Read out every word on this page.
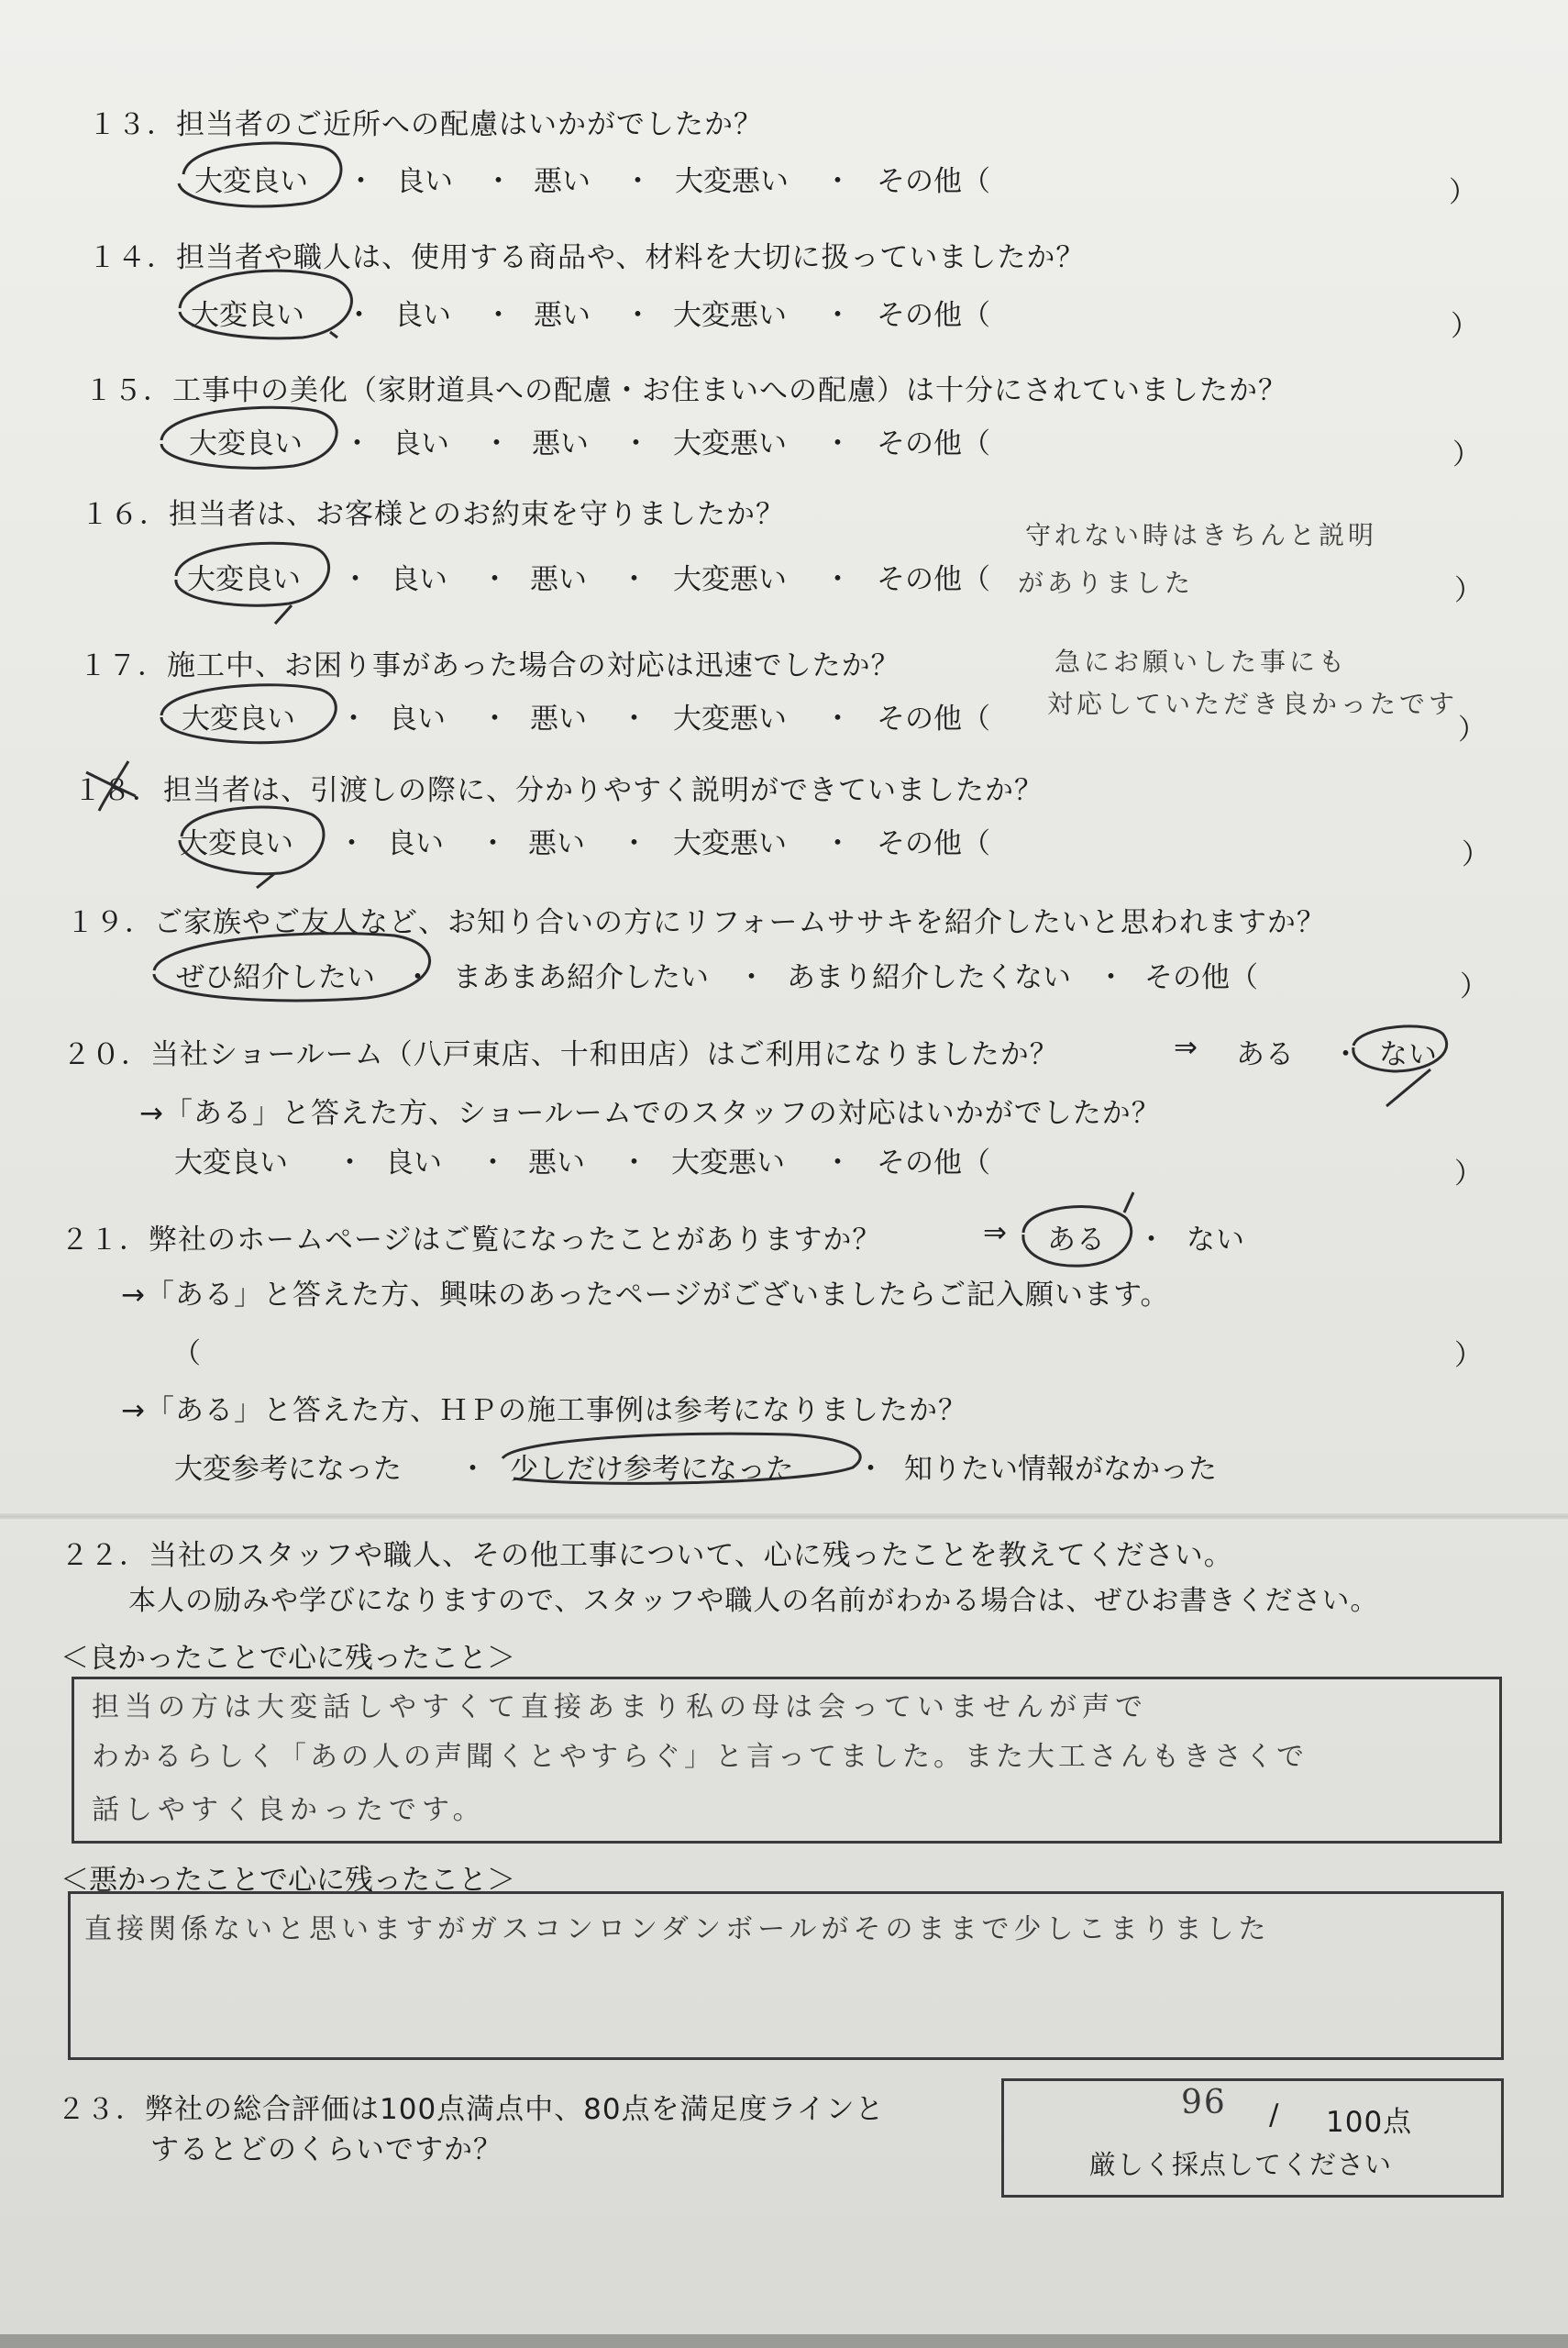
１３．担当者のご近所への配慮はいかがでしたか？
大変良い ・ 良い ・ 悪い ・ 大変悪い ・ その他（	）
１４．担当者や職人は、使用する商品や、材料を大切に扱っていましたか？
大変良い ・ 良い ・ 悪い ・ 大変悪い ・ その他（	）
１５．工事中の美化（家財道具への配慮・お住まいへの配慮）は十分にされていましたか？
大変良い ・ 良い ・ 悪い ・ 大変悪い ・ その他（	）
１６．担当者は、お客様とのお約束を守りましたか？
守れない時はきちんと説明
大変良い ・ 良い ・ 悪い ・ 大変悪い ・ その他（	）
がありました
１７．施工中、お困り事があった場合の対応は迅速でしたか？	急にお願いした事にも
大変良い ・ 良い ・ 悪い ・ 大変悪い ・ その他（	）
対応していただき良かったです
１８． 担当者は、引渡しの際に、分かりやすく説明ができていましたか？
大変良い ・ 良い ・ 悪い ・ 大変悪い ・ その他（	）
１９．ご家族やご友人など、お知り合いの方にリフォームササキを紹介したいと思われますか？
ぜひ紹介したい ・ まあまあ紹介したい ・ あまり紹介したくない ・ その他（	）
２０．当社ショールーム（八戸東店、十和田店）はご利用になりましたか？	⇒ ある ・ ない
→「ある」と答えた方、ショールームでのスタッフの対応はいかがでしたか？
大変良い ・ 良い ・ 悪い ・ 大変悪い ・ その他（	）
２１．弊社のホームページはご覧になったことがありますか？	⇒ ある ・ ない
→「ある」と答えた方、興味のあったページがございましたらご記入願います。
（	）
→「ある」と答えた方、ＨＰの施工事例は参考になりましたか？
大変参考になった ・ 少しだけ参考になった ・ 知りたい情報がなかった
２２．当社のスタッフや職人、その他工事について、心に残ったことを教えてください。
本人の励みや学びになりますので、スタッフや職人の名前がわかる場合は、ぜひお書きください。
＜良かったことで心に残ったこと＞
担当の方は大変話しやすくて直接あまり私の母は会っていませんが声で
わかるらしく「あの人の声聞くとやすらぐ」と言ってました。また大工さんもきさくで
話しやすく良かったです。
＜悪かったことで心に残ったこと＞
直接関係ないと思いますがガスコンロンダンボールがそのままで少しこまりました
２３．弊社の総合評価は100点満点中、80点を満足度ラインと
するとどのくらいですか？
96 / 100点
厳しく採点してください
